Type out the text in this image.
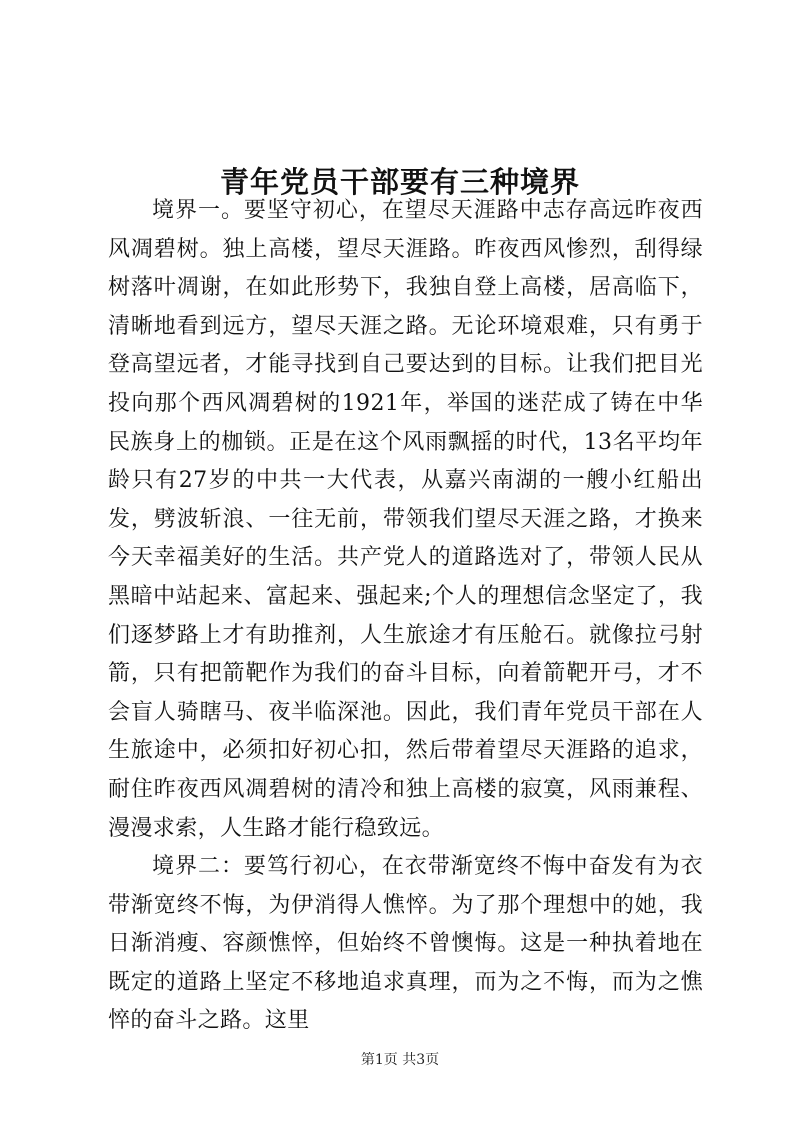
青年党员干部要有三种境界

境界一。要坚守初心，在望尽天涯路中志存高远昨夜西风凋碧树。独上高楼，望尽天涯路。昨夜西风惨烈，刮得绿树落叶凋谢，在如此形势下，我独自登上高楼，居高临下，清晰地看到远方，望尽天涯之路。无论环境艰难，只有勇于登高望远者，才能寻找到自己要达到的目标。让我们把目光投向那个西风凋碧树的1921年，举国的迷茫成了铸在中华民族身上的枷锁。正是在这个风雨飘摇的时代，13名平均年龄只有27岁的中共一大代表，从嘉兴南湖的一艘小红船出发，劈波斩浪、一往无前，带领我们望尽天涯之路，才换来今天幸福美好的生活。共产党人的道路选对了，带领人民从黑暗中站起来、富起来、强起来;个人的理想信念坚定了，我们逐梦路上才有助推剂，人生旅途才有压舱石。就像拉弓射箭，只有把箭靶作为我们的奋斗目标，向着箭靶开弓，才不会盲人骑瞎马、夜半临深池。因此，我们青年党员干部在人生旅途中，必须扣好初心扣，然后带着望尽天涯路的追求，耐住昨夜西风凋碧树的清冷和独上高楼的寂寞，风雨兼程、漫漫求索，人生路才能行稳致远。

境界二：要笃行初心，在衣带渐宽终不悔中奋发有为衣带渐宽终不悔，为伊消得人憔悴。为了那个理想中的她，我日渐消瘦、容颜憔悴，但始终不曾懊悔。这是一种执着地在既定的道路上坚定不移地追求真理，而为之不悔，而为之憔悴的奋斗之路。这里

第1页 共3页
